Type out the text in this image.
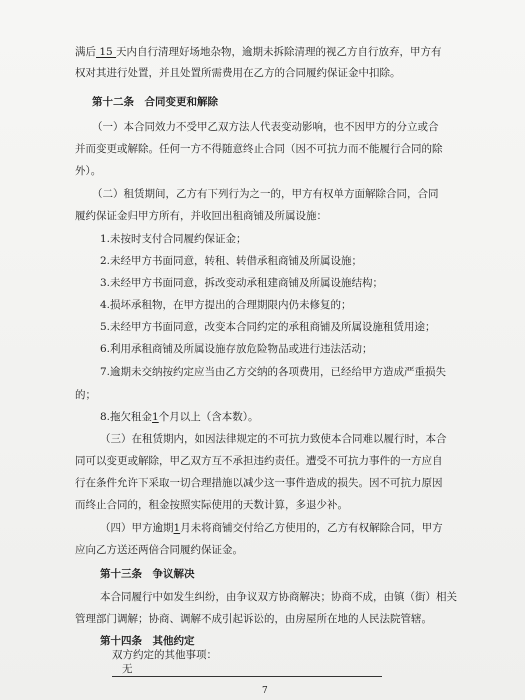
满后 15 天内自行清理好场地杂物，逾期未拆除清理的视乙方自行放弃，甲方有
权对其进行处置，并且处置所需费用在乙方的合同履约保证金中扣除。
第十二条　合同变更和解除
（一）本合同效力不受甲乙双方法人代表变动影响，也不因甲方的分立或合
并而变更或解除。任何一方不得随意终止合同（因不可抗力而不能履行合同的除
外）。
（二）租赁期间，乙方有下列行为之一的，甲方有权单方面解除合同，合同
履约保证金归甲方所有，并收回出租商铺及所属设施：
1.未按时支付合同履约保证金；
2.未经甲方书面同意，转租、转借承租商铺及所属设施；
3.未经甲方书面同意，拆改变动承租建商铺及所属设施结构；
4.损坏承租物，在甲方提出的合理期限内仍未修复的；
5.未经甲方书面同意，改变本合同约定的承租商铺及所属设施租赁用途；
6.利用承租商铺及所属设施存放危险物品或进行违法活动；
7.逾期未交纳按约定应当由乙方交纳的各项费用，已经给甲方造成严重损失
的；
8.拖欠租金1个月以上（含本数）。
（三）在租赁期内，如因法律规定的不可抗力致使本合同难以履行时，本合
同可以变更或解除，甲乙双方互不承担违约责任。遭受不可抗力事件的一方应自
行在条件允许下采取一切合理措施以减少这一事件造成的损失。因不可抗力原因
而终止合同的，租金按照实际使用的天数计算，多退少补。
（四）甲方逾期1月未将商铺交付给乙方使用的，乙方有权解除合同，甲方
应向乙方送还两倍合同履约保证金。
第十三条　争议解决
本合同履行中如发生纠纷，由争议双方协商解决；协商不成，由镇（街）相关
管理部门调解；协商、调解不成引起诉讼的，由房屋所在地的人民法院管辖。
第十四条　其他约定
7
双方约定的其他事项：
无
